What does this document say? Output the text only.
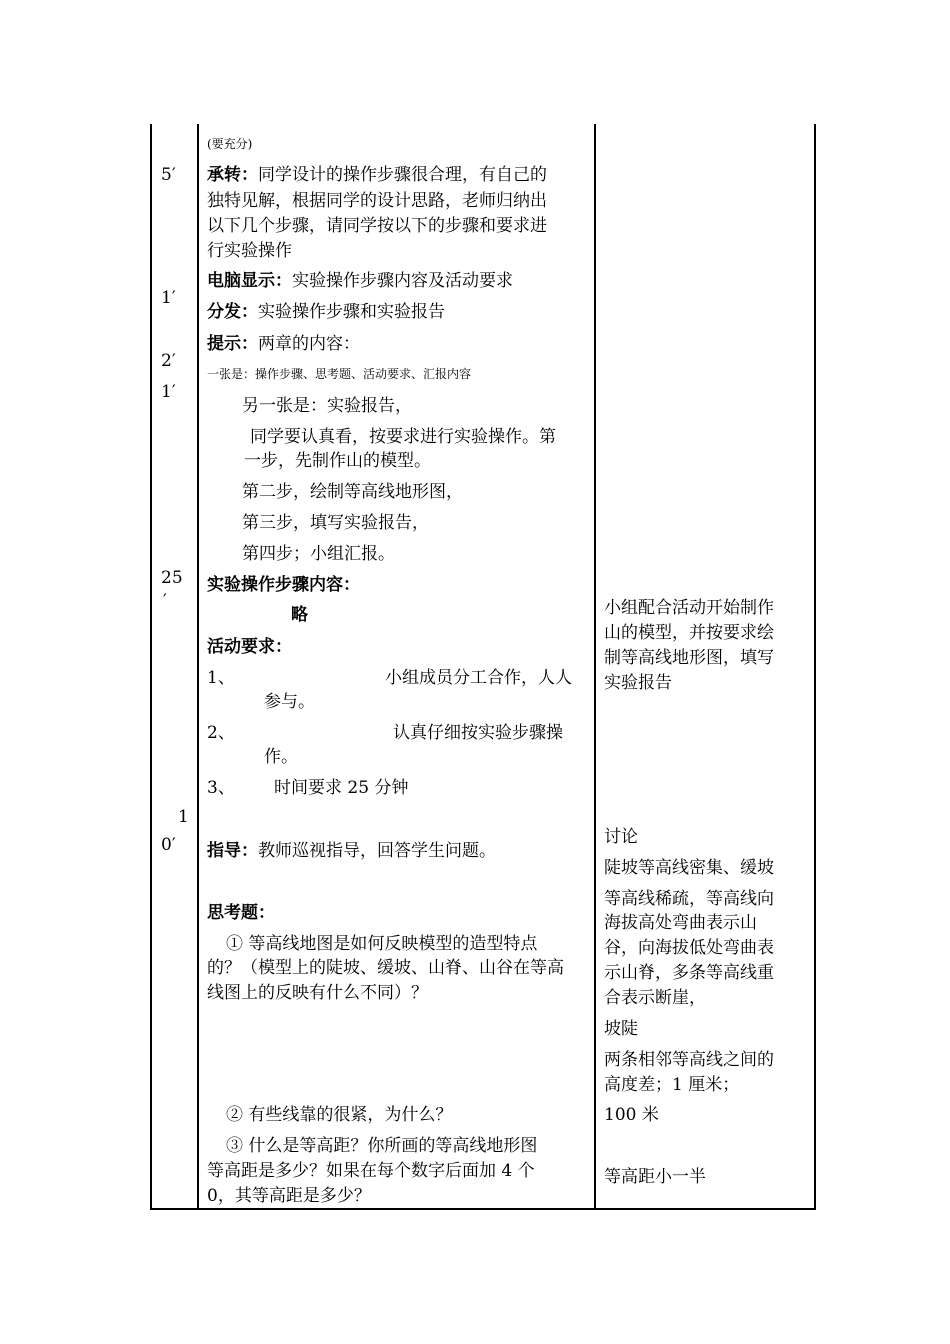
5′
1′
2′
1′
25
′
1
0′
(要充分)
承转：同学设计的操作步骤很合理，有自己的
独特见解，根据同学的设计思路，老师归纳出
以下几个步骤，请同学按以下的步骤和要求进
行实验操作
电脑显示：实验操作步骤内容及活动要求
分发：实验操作步骤和实验报告
提示：两章的内容：
一张是：操作步骤、思考题、活动要求、汇报内容
另一张是：实验报告，
同学要认真看，按要求进行实验操作。第
一步，先制作山的模型。
第二步，绘制等高线地形图，
第三步，填写实验报告，
第四步；小组汇报。
实验操作步骤内容：
略
活动要求：
1、	小组成员分工合作，人人
参与。
2、	认真仔细按实验步骤操
作。
3、 时间要求 25 分钟
指导：教师巡视指导，回答学生问题。
思考题：
① 等高线地图是如何反映模型的造型特点
的？（模型上的陡坡、缓坡、山脊、山谷在等高
线图上的反映有什么不同）？
② 有些线靠的很紧，为什么？
③ 什么是等高距？你所画的等高线地形图
等高距是多少？如果在每个数字后面加 4 个
0，其等高距是多少？
小组配合活动开始制作
山的模型，并按要求绘
制等高线地形图，填写
实验报告
讨论
陡坡等高线密集、缓坡
等高线稀疏，等高线向
海拔高处弯曲表示山
谷，向海拔低处弯曲表
示山脊，多条等高线重
合表示断崖，
坡陡
两条相邻等高线之间的
高度差；1 厘米；
100 米
等高距小一半
